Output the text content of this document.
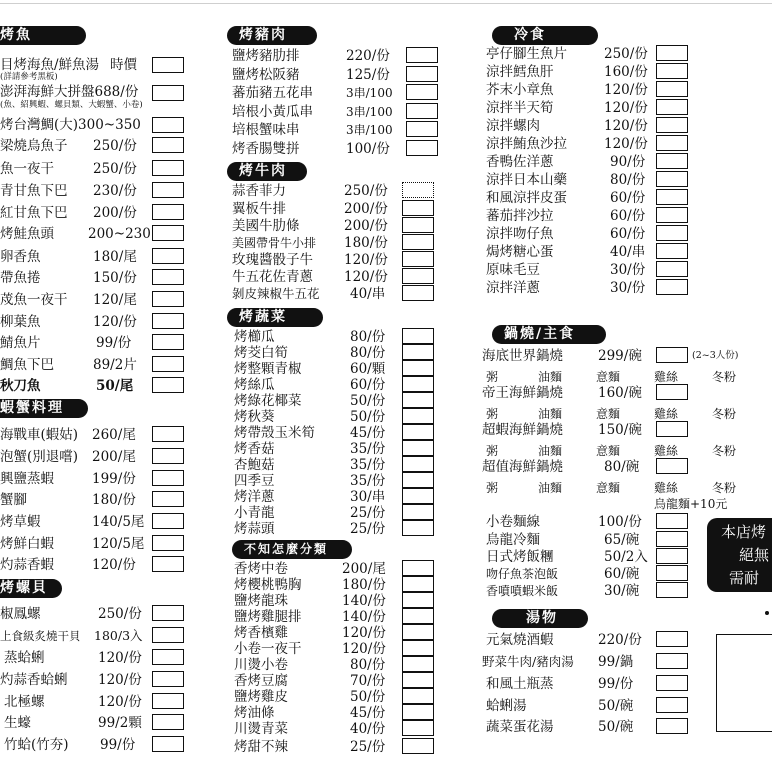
烤魚
目烤海魚/鮮魚湯 時價
(詳請參考黑板)
澎湃海鮮大拼盤688/份
(魚、紹興蝦、螺貝類、大蝦蟹、小卷)
烤台灣鯛(大)300~350
梁燒烏魚子 250/份
魚一夜干	250/份
青甘魚下巴 230/份
紅甘魚下巴 200/份
烤鮭魚頭	200~230
卵香魚	180/尾
帶魚捲	150/份
荗魚一夜干 120/尾
柳葉魚	120/份
鯖魚片	99/份
鯛魚下巴	89/2片
秋刀魚	50/尾
蝦蟹料理
海戰車(蝦姑) 260/尾
泡蟹(別退嚐) 200/尾
興鹽蒸蝦	199/份
蟹腳	180/份
烤草蝦	140/5尾
烤鮮白蝦	120/5尾
灼蒜香蝦	120/份
烤螺貝
椒鳳螺	250/份
上食級炙燒干貝 180/3入
蒸蛤蜊	120/份
灼蒜香蛤蜊 120/份
北極螺	120/份
生蠔	99/2顆
竹蛤(竹夯) 99/份
烤豬肉
鹽烤豬肋排	220/份
鹽烤松阪豬	125/份
蕃茄豬五花串	3串/100
培根小黃瓜串	3串/100
培根蟹味串	3串/100
烤香腸雙拼	100/份
烤牛肉
蒜香菲力	250/份
翼板牛排	200/份
美國牛肋條	200/份
美國帶骨牛小排 180/份
玫瑰醬骰子牛 120/份
牛五花佐青蔥 120/份
剝皮辣椒牛五花 40/串
烤蔬菜
烤櫛瓜	80/份
烤茭白筍	80/份
烤整顆青椒	60/顆
烤絲瓜	60/份
烤綠花椰菜	50/份
烤秋葵	50/份
烤帶殼玉米筍	45/份
烤香菇	35/份
杏鮑菇	35/份
四季豆	35/份
烤洋蔥	30/串
小青龍	25/份
烤蒜頭	25/份
不知怎麼分類
香烤中卷	200/尾
烤櫻桃鴨胸	180/份
鹽烤龍珠	140/份
鹽烤雞腿排	140/份
烤香檳雞	120/份
小卷一夜干	120/份
川燙小卷	80/份
香烤豆腐	70/份
鹽烤雞皮	50/份
烤油條	45/份
川燙青菜	40/份
烤甜不辣	25/份
冷食
亭仔腳生魚片	250/份
涼拌鱈魚肝	160/份
芥末小章魚	120/份
涼拌半天筍	120/份
涼拌螺肉	120/份
涼拌鮪魚沙拉	120/份
香鴨佐洋蔥	90/份
涼拌日本山藥	80/份
和風涼拌皮蛋	60/份
蕃茄拌沙拉	60/份
涼拌吻仔魚	60/份
焗烤糖心蛋	40/串
原味毛豆	30/份
涼拌洋蔥	30/份
鍋燒/主食
海底世界鍋燒	299/碗	(2~3人份)
粥	油麵	意麵	雞絲	冬粉
帝王海鮮鍋燒	160/碗
粥	油麵	意麵	雞絲	冬粉
超蝦海鮮鍋燒	150/碗
粥	油麵	意麵	雞絲	冬粉
超值海鮮鍋燒	80/碗
粥	油麵	意麵	雞絲	冬粉
烏龍麵+10元
小卷麵線	100/份
烏龍冷麵	65/碗
日式烤飯糰	50/2入
吻仔魚茶泡飯	60/碗
香噴噴蝦米飯	30/碗
湯物
元氣燒酒蝦	220/份
野菜牛肉/豬肉湯 99/鍋
和風土瓶蒸	99/份
蛤蜊湯	50/碗
蔬菜蛋花湯	50/碗
本店烤
絕無
需耐
